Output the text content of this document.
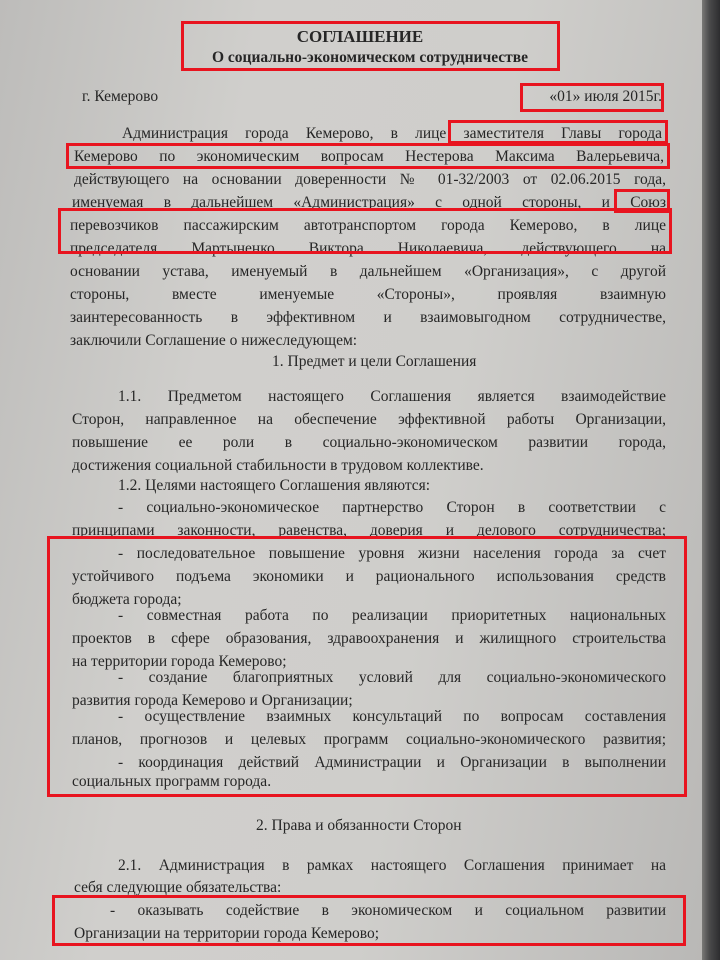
СОГЛАШЕНИЕ
О социально-экономическом сотрудничестве
г. Кемерово	«01» июля 2015г.
Администрация города Кемерово, в лице заместителя Главы города
Кемерово по экономическим вопросам Нестерова Максима Валерьевича,
действующего на основании доверенности № 01-32/2003 от 02.06.2015 года,
именуемая в дальнейшем «Администрация» с одной стороны, и Союз
перевозчиков пассажирским автотранспортом города Кемерово, в лице
председателя Мартыненко Виктора Николаевича, действующего на
основании устава, именуемый в дальнейшем «Организация», с другой
стороны, вместе именуемые «Стороны», проявляя взаимную
заинтересованность в эффективном и взаимовыгодном сотрудничестве,
заключили Соглашение о нижеследующем:
1. Предмет и цели Соглашения
1.1. Предметом настоящего Соглашения является взаимодействие
Сторон, направленное на обеспечение эффективной работы Организации,
повышение ее роли в социально-экономическом развитии города,
достижения социальной стабильности в трудовом коллективе.
1.2. Целями настоящего Соглашения являются:
- социально-экономическое партнерство Сторон в соответствии с
принципами законности, равенства, доверия и делового сотрудничества;
- последовательное повышение уровня жизни населения города за счет
устойчивого подъема экономики и рационального использования средств
бюджета города;
- совместная работа по реализации приоритетных национальных
проектов в сфере образования, здравоохранения и жилищного строительства
на территории города Кемерово;
- создание благоприятных условий для социально-экономического
развития города Кемерово и Организации;
- осуществление взаимных консультаций по вопросам составления
планов, прогнозов и целевых программ социально-экономического развития;
- координация действий Администрации и Организации в выполнении
социальных программ города.
2. Права и обязанности Сторон
2.1. Администрация в рамках настоящего Соглашения принимает на
себя следующие обязательства:
- оказывать содействие в экономическом и социальном развитии
Организации на территории города Кемерово;
